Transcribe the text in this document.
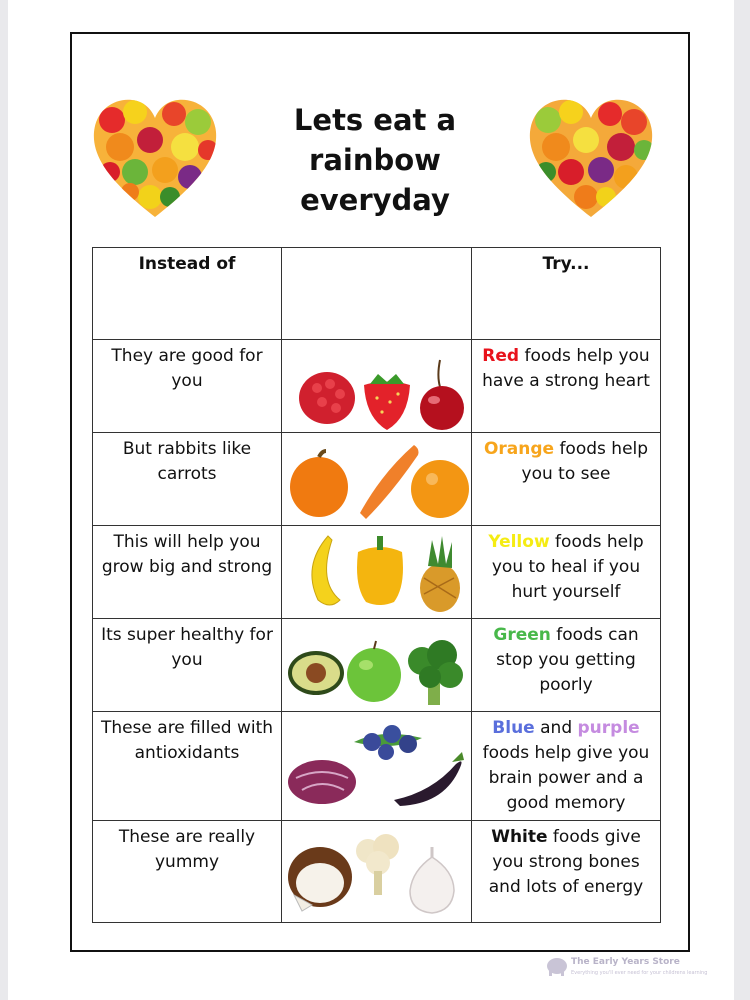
Lets eat a rainbow
everyday
Instead of		Try...
They are good for you		Red foods help you have a strong heart
But rabbits like carrots		Orange foods help you to see
This will help you grow big and strong		Yellow foods help you to heal if you hurt yourself
Its super healthy for you		Green foods can stop you getting poorly
These are filled with antioxidants		Blue and purple foods help give you brain power and a good memory
These are really yummy		White foods give you strong bones and lots of energy
The Early Years Store
Everything you'll ever need for your childrens learning
